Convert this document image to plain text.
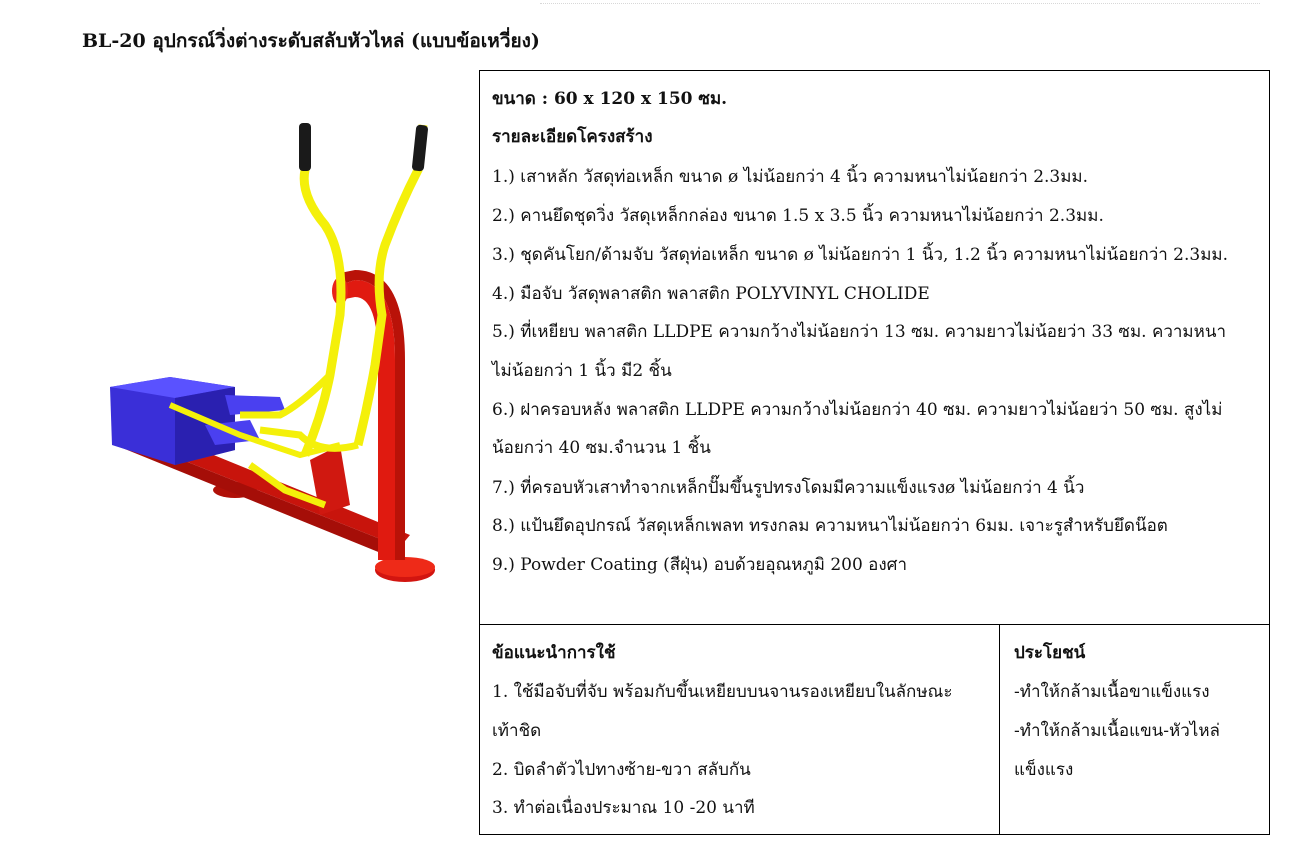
BL-20 อุปกรณ์วิ่งต่างระดับสลับหัวไหล่ (แบบข้อเหวี่ยง)
ขนาด : 60 x 120 x 150 ซม.
รายละเอียดโครงสร้าง
1.) เสาหลัก วัสดุท่อเหล็ก ขนาด ø ไม่น้อยกว่า 4 นิ้ว ความหนาไม่น้อยกว่า 2.3มม.
2.) คานยึดชุดวิ่ง วัสดุเหล็กกล่อง ขนาด 1.5 x 3.5 นิ้ว ความหนาไม่น้อยกว่า 2.3มม.
3.) ชุดคันโยก/ด้ามจับ วัสดุท่อเหล็ก ขนาด ø ไม่น้อยกว่า 1 นิ้ว, 1.2 นิ้ว ความหนาไม่น้อยกว่า 2.3มม.
4.) มือจับ วัสดุพลาสติก พลาสติก POLYVINYL CHOLIDE
5.) ที่เหยียบ พลาสติก LLDPE ความกว้างไม่น้อยกว่า 13 ซม. ความยาวไม่น้อยว่า 33 ซม. ความหนา
ไม่น้อยกว่า 1 นิ้ว มี2 ชิ้น
6.) ฝาครอบหลัง พลาสติก LLDPE ความกว้างไม่น้อยกว่า 40 ซม. ความยาวไม่น้อยว่า 50 ซม. สูงไม่
น้อยกว่า 40 ซม.จำนวน 1 ชิ้น
7.) ที่ครอบหัวเสาทำจากเหล็กปั๊มขึ้นรูปทรงโดมมีความแข็งแรงø ไม่น้อยกว่า 4 นิ้ว
8.) แป้นยึดอุปกรณ์ วัสดุเหล็กเพลท ทรงกลม ความหนาไม่น้อยกว่า 6มม. เจาะรูสำหรับยึดน๊อต
9.) Powder Coating (สีฝุ่น) อบด้วยอุณหภูมิ 200 องศา
ข้อแนะนำการใช้
1. ใช้มือจับที่จับ พร้อมกับขึ้นเหยียบบนจานรองเหยียบในลักษณะ
เท้าชิด
2. บิดลำตัวไปทางซ้าย-ขวา สลับกัน
3. ทำต่อเนื่องประมาณ 10 -20 นาที
ประโยชน์
-ทำให้กล้ามเนื้อขาแข็งแรง
-ทำให้กล้ามเนื้อแขน-หัวไหล่
แข็งแรง
